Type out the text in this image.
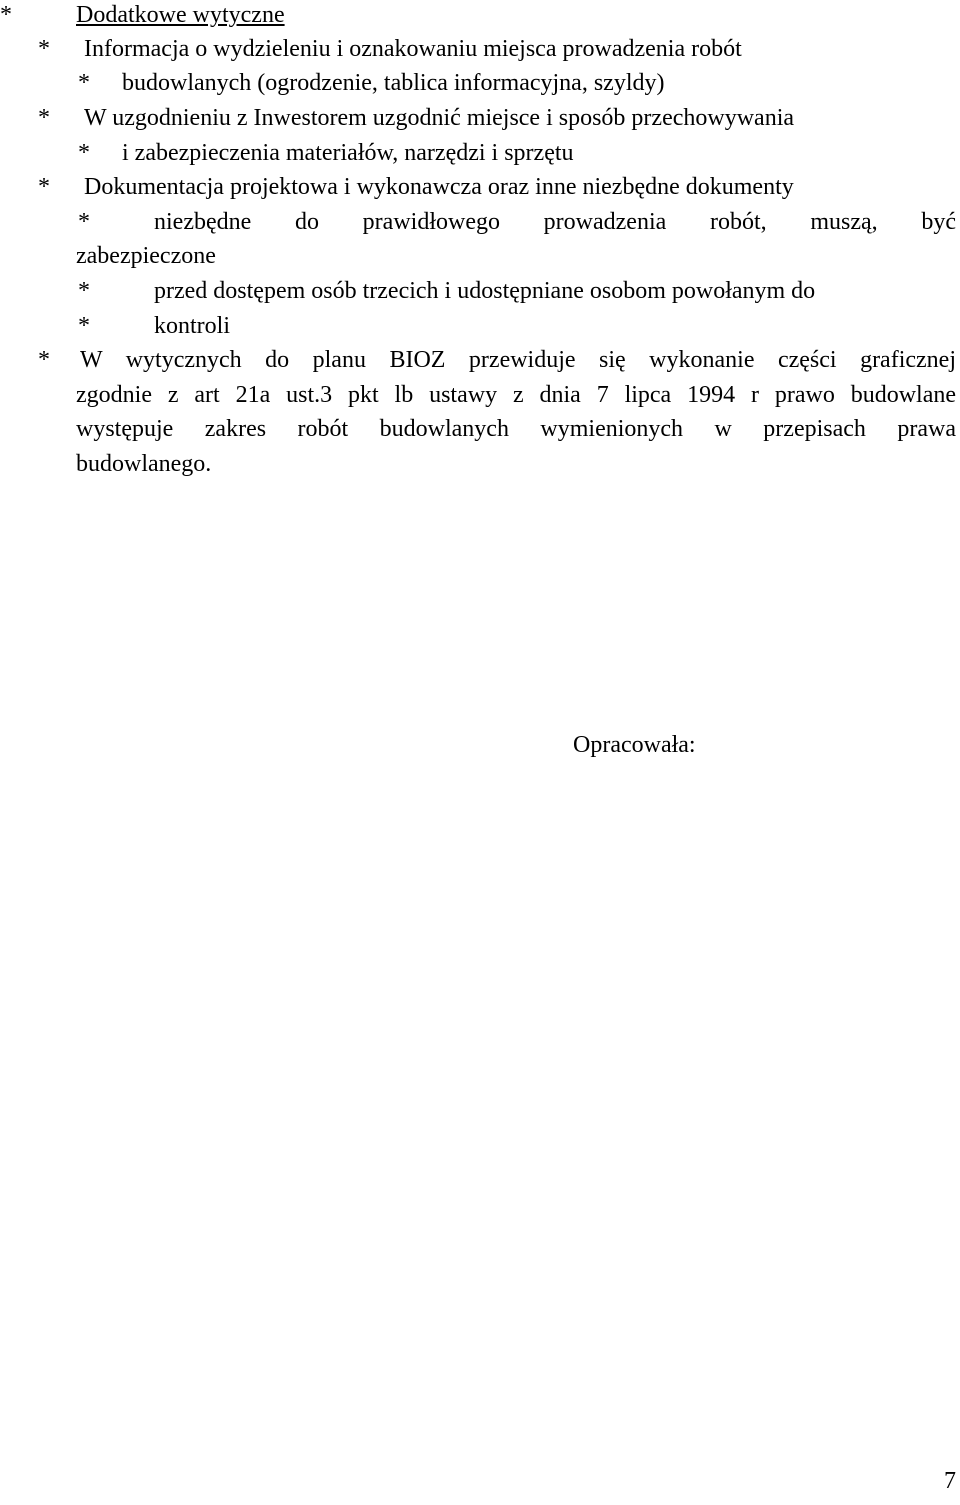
*	Dodatkowe wytyczne
* Informacja o wydzieleniu i oznakowaniu miejsca prowadzenia robót
* budowlanych (ogrodzenie, tablica informacyjna, szyldy)
* W uzgodnieniu z Inwestorem uzgodnić miejsce i sposób przechowywania
* i zabezpieczenia materiałów, narzędzi i sprzętu
* Dokumentacja projektowa i wykonawcza oraz inne niezbędne dokumenty
*	niezbędne do prawidłowego prowadzenia robót, muszą, być
zabezpieczone
*	przed dostępem osób trzecich i udostępniane osobom powołanym do
*	kontroli
* W wytycznych do planu BIOZ przewiduje się wykonanie części graficznej
zgodnie z art 21a ust.3 pkt lb ustawy z dnia 7 lipca 1994 r prawo budowlane
występuje zakres robót budowlanych wymienionych w przepisach prawa
budowlanego.
Opracowała:
7
